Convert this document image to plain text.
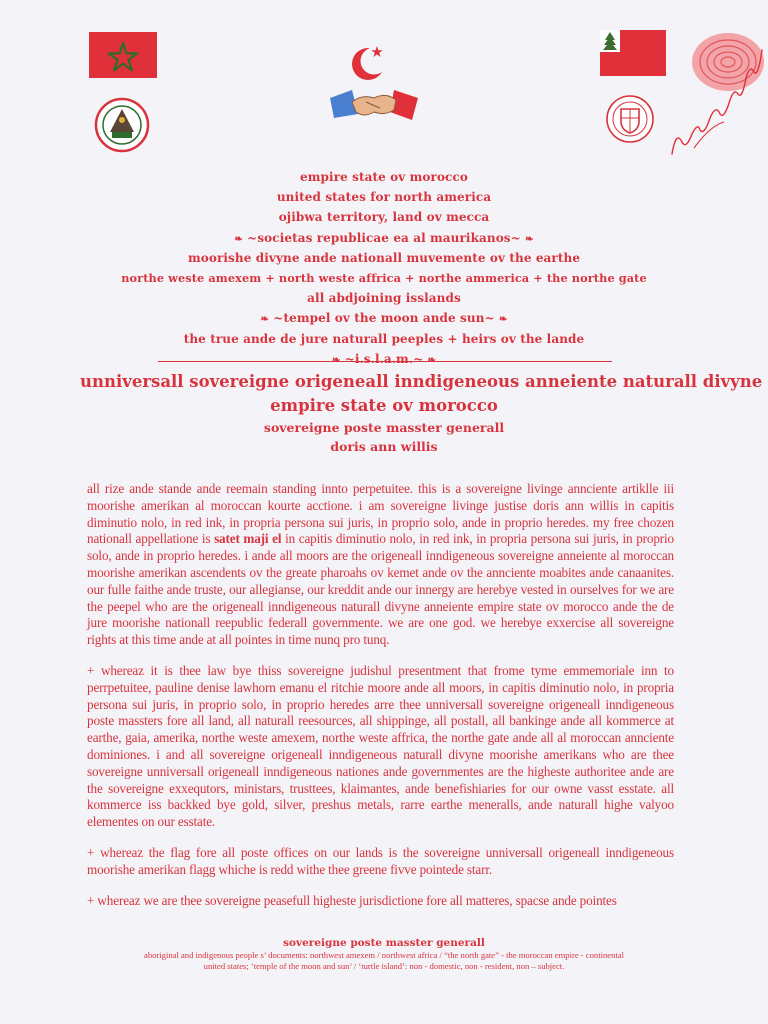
empire state ov morocco
united states for north america
ojibwa territory, land ov mecca
❧ ~societas republicae ea al maurikanos~ ❧
moorishe divyne ande nationall muvemente ov the earthe
northe weste amexem + north weste affrica + northe ammerica + the northe gate
all abdjoining isslands
❧ ~tempel ov the moon ande sun~ ❧
the true ande de jure naturall peeples + heirs ov the lande
❧ ~i.s.l.a.m.~ ❧
unniversall sovereigne origeneall inndigeneous anneiente naturall divyne
empire state ov morocco
sovereigne poste masster generall
doris ann willis

all rize ande stande ande reemain standing innto perpetuitee. this is a sovereigne livinge annciente artiklle iii moorishe amerikan al moroccan kourte acctione. i am sovereigne livinge justise doris ann willis in capitis diminutio nolo, in red ink, in propria persona sui juris, in proprio solo, ande in proprio heredes. my free chozen nationall appellatione is satet maji el in capitis diminutio nolo, in red ink, in propria persona sui juris, in proprio solo, ande in proprio heredes. i ande all moors are the origeneall inndigeneous sovereigne anneiente al moroccan moorishe amerikan ascendents ov the greate pharoahs ov kemet ande ov the annciente moabites ande canaanites. our fulle faithe ande truste, our allegianse, our kreddit ande our innergy are herebye vested in ourselves for we are the peepel who are the origeneall inndigeneous naturall divyne anneiente empire state ov morocco ande the de jure moorishe nationall reepublic federall governmente. we are one god. we herebye exxercise all sovereigne rights at this time ande at all pointes in time nunq pro tunq.

+ whereaz it is thee law bye thiss sovereigne judishul presentment that frome tyme emmemoriale inn to perrpetuitee, pauline denise lawhorn emanu el ritchie moore ande all moors, in capitis diminutio nolo, in propria persona sui juris, in proprio solo, in proprio heredes arre thee unniversall sovereigne origeneall inndigeneous poste massters fore all land, all naturall reesources, all shippinge, all postall, all bankinge ande all kommerce at earthe, gaia, amerika, northe weste amexem, northe weste affrica, the northe gate ande all al moroccan annciente dominiones. i and all sovereigne origeneall inndigeneous naturall divyne moorishe amerikans who are thee sovereigne unniversall origeneall inndigeneous nationes ande governmentes are the higheste authoritee ande are the sovereigne exxequtors, ministars, trusttees, klaimantes, ande benefishiaries for our owne vasst esstate. all kommerce iss backked bye gold, silver, preshus metals, rarre earthe meneralls, ande naturall highe valyoo elementes on our esstate.

+ whereaz the flag fore all poste offices on our lands is the sovereigne unniversall origeneall inndigeneous moorishe amerikan flagg whiche is redd withe thee greene fivve pointede starr.

+ whereaz we are thee sovereigne peasefull higheste jurisdictione fore all matteres, spacse ande pointes

sovereigne poste masster generall
aboriginal and indigenous people s’ documents: northwest amexem / northwest africa / “the north gate” - the moroccan empire - continental
united states; ‘temple of the moon and sun’ / ‘turtle island’: non - domestic, non - resident, non – subject.
